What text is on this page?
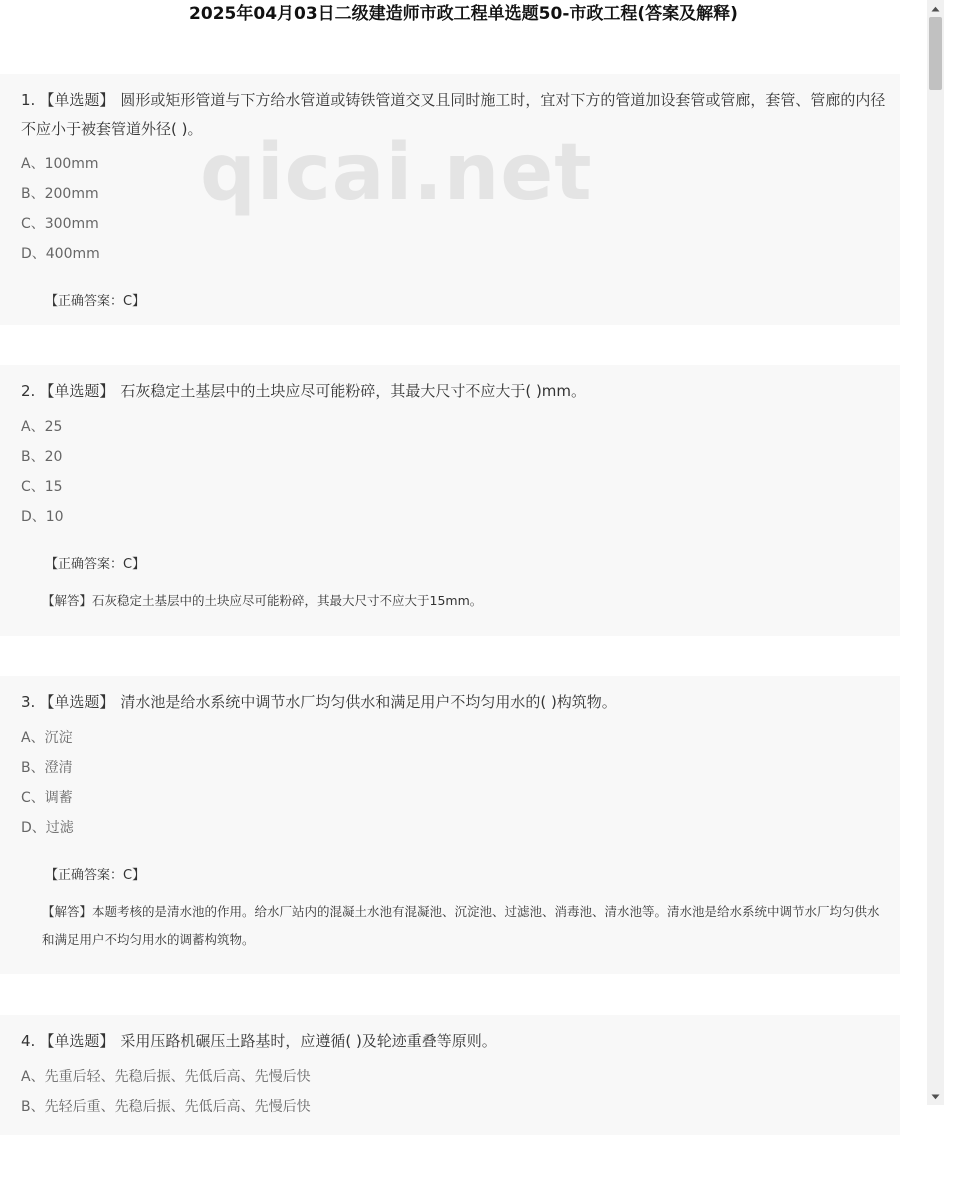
2025年04月03日二级建造师市政工程单选题50-市政工程(答案及解释)
1. 【单选题】 圆形或矩形管道与下方给水管道或铸铁管道交叉且同时施工时，宜对下方的管道加设套管或管廊，套管、管廊的内径不应小于被套管道外径( )。
A、100mm
B、200mm
C、300mm
D、400mm
【正确答案：C】
2. 【单选题】 石灰稳定土基层中的土块应尽可能粉碎，其最大尺寸不应大于( )mm。
A、25
B、20
C、15
D、10
【正确答案：C】
【解答】石灰稳定土基层中的土块应尽可能粉碎，其最大尺寸不应大于15mm。
3. 【单选题】 清水池是给水系统中调节水厂均匀供水和满足用户不均匀用水的( )构筑物。
A、沉淀
B、澄清
C、调蓄
D、过滤
【正确答案：C】
【解答】本题考核的是清水池的作用。给水厂站内的混凝土水池有混凝池、沉淀池、过滤池、消毒池、清水池等。清水池是给水系统中调节水厂均匀供水和满足用户不均匀用水的调蓄构筑物。
4. 【单选题】 采用压路机碾压土路基时，应遵循( )及轮迹重叠等原则。
A、先重后轻、先稳后振、先低后高、先慢后快
B、先轻后重、先稳后振、先低后高、先慢后快
qicai.net
